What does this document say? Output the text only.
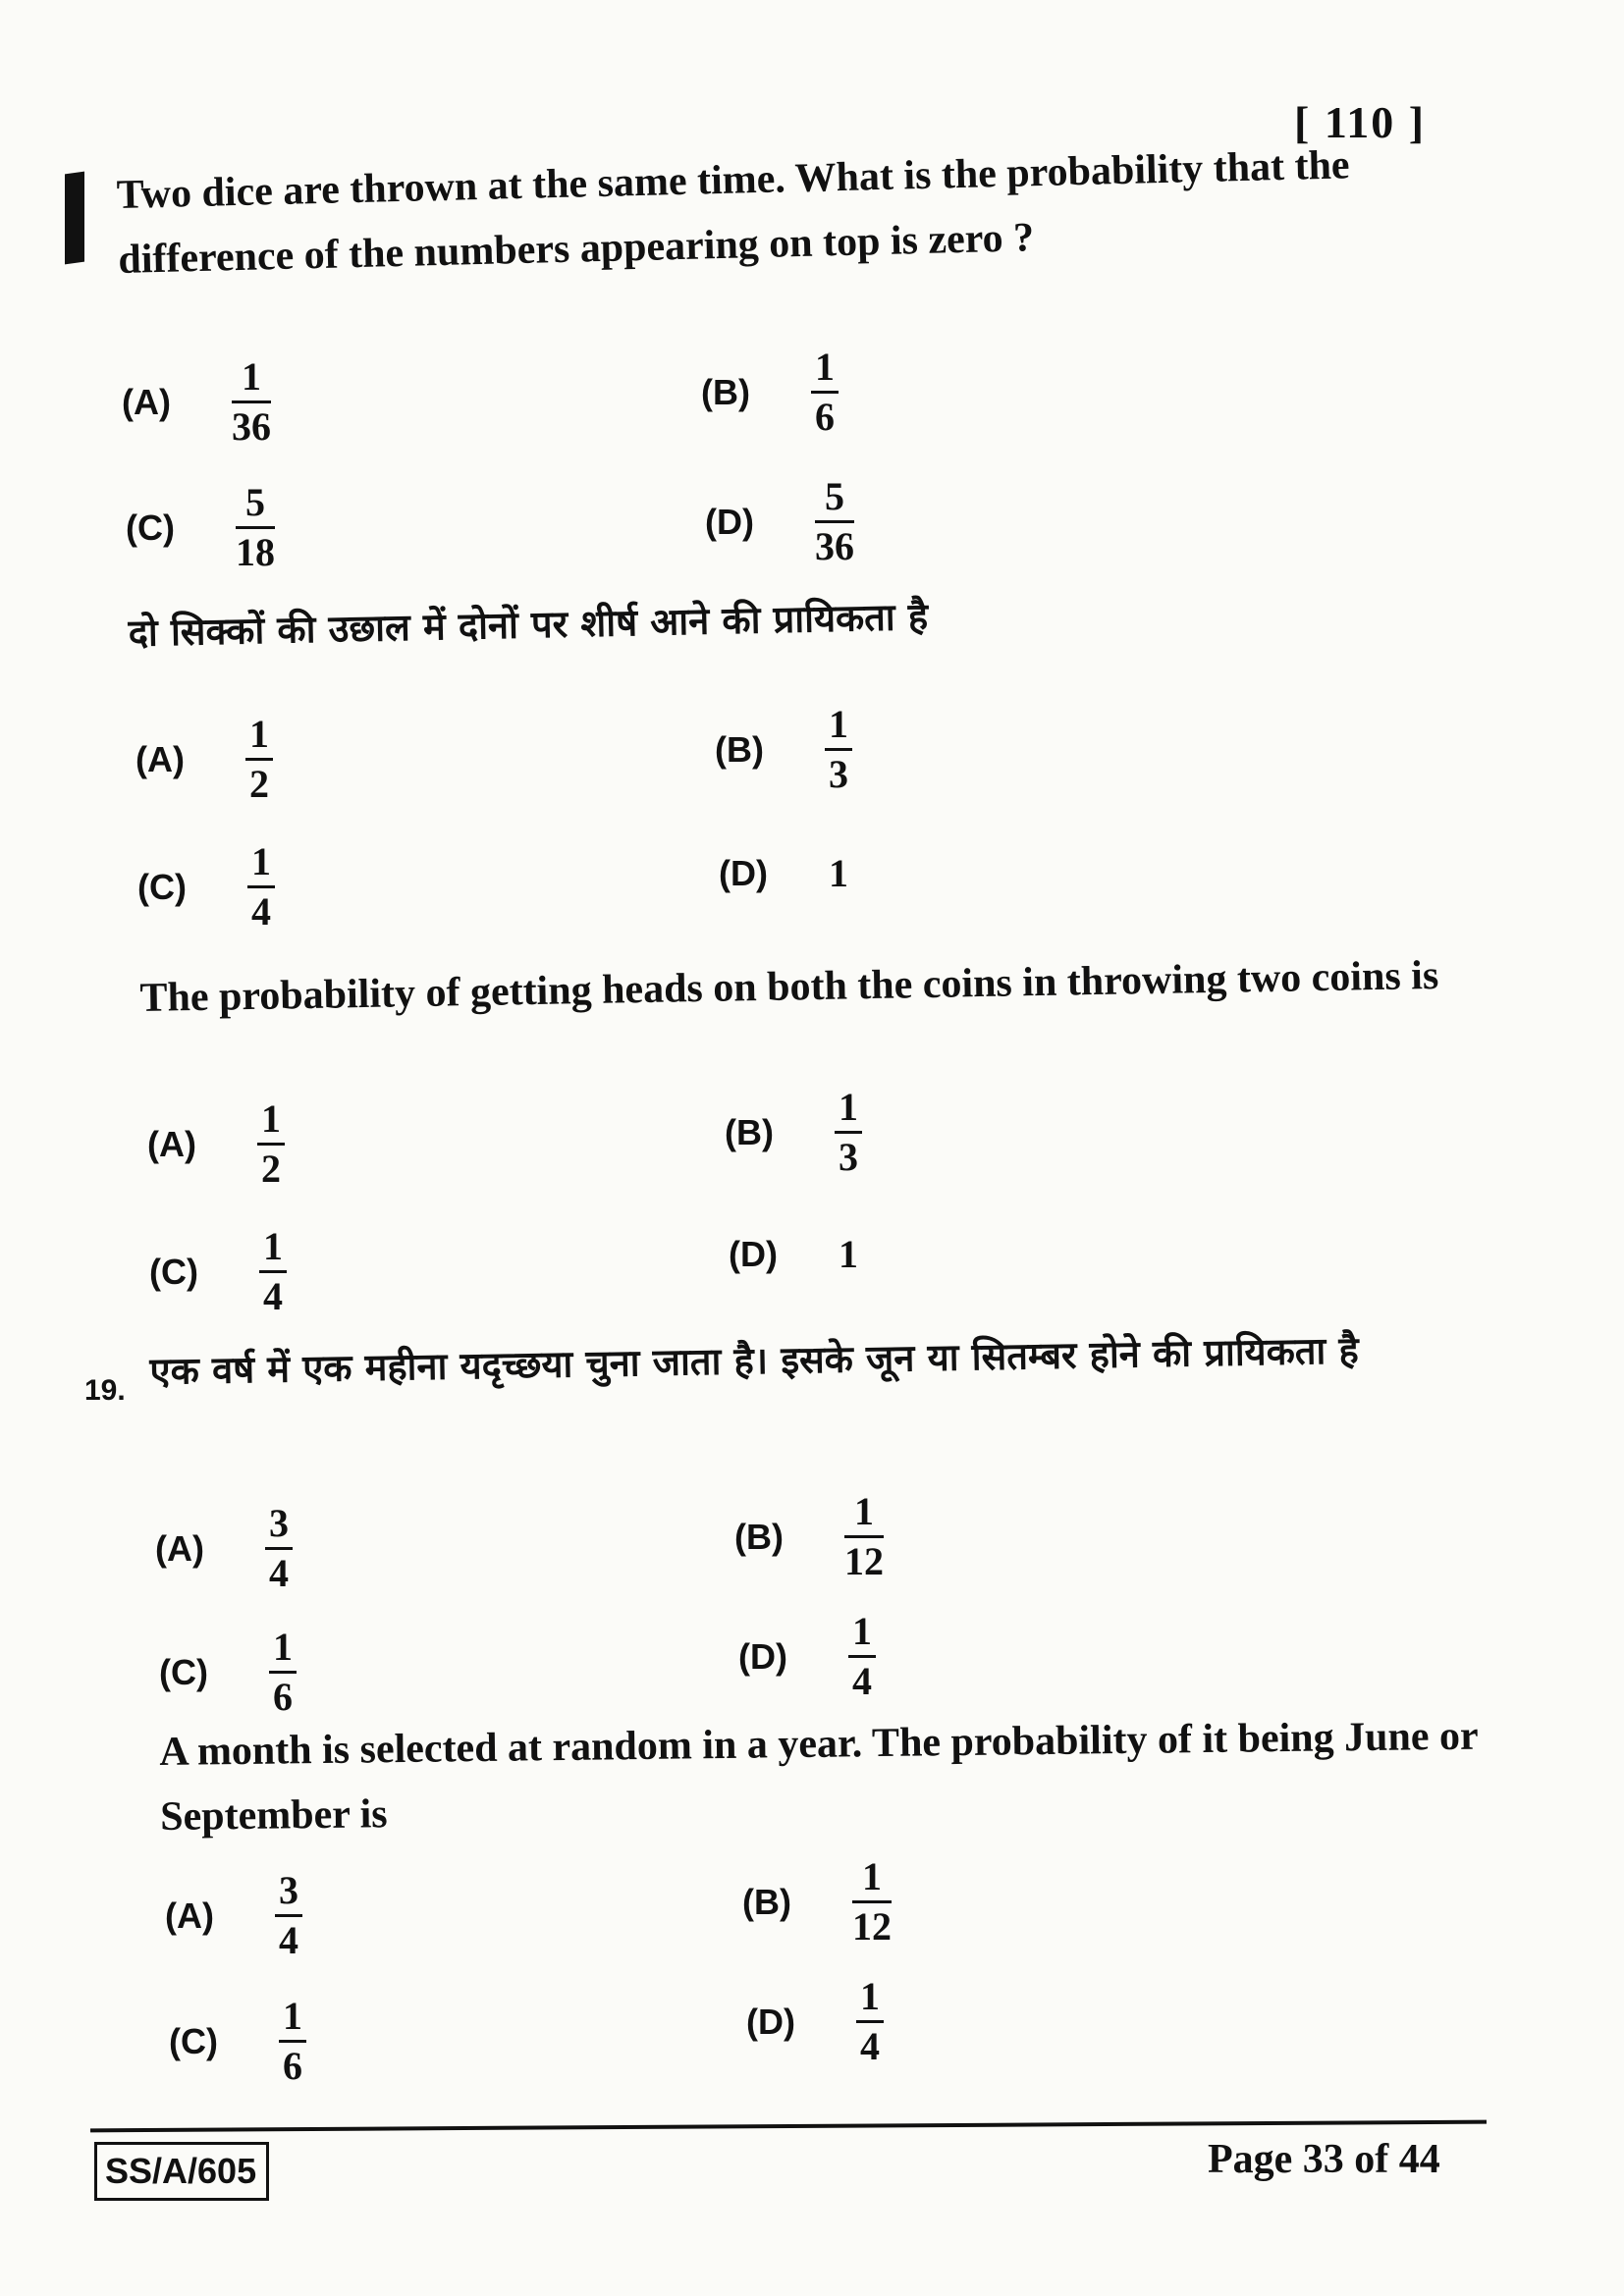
[ 110 ]
Two dice are thrown at the same time. What is the probability that the difference of the numbers appearing on top is zero ?
(A)	$\frac{1}{36}$	(B)	$\frac{1}{6}$
(C)	$\frac{5}{18}$	(D)	$\frac{5}{36}$
दो सिक्कों की उछाल में दोनों पर शीर्ष आने की प्रायिकता है
(A)	$\frac{1}{2}$	(B)	$\frac{1}{3}$
(C)	$\frac{1}{4}$	(D)	1
The probability of getting heads on both the coins in throwing two coins is
(A)	$\frac{1}{2}$	(B)	$\frac{1}{3}$
(C)	$\frac{1}{4}$	(D)	1
19. एक वर्ष में एक महीना यदृच्छया चुना जाता है। इसके जून या सितम्बर होने की प्रायिकता है
(A)	$\frac{3}{4}$	(B)	$\frac{1}{12}$
(C)	$\frac{1}{6}$	(D)	$\frac{1}{4}$
A month is selected at random in a year. The probability of it being June or September is
(A)	$\frac{3}{4}$	(B)	$\frac{1}{12}$
(C)	$\frac{1}{6}$	(D)	$\frac{1}{4}$
SS/A/605	Page 33 of 44
